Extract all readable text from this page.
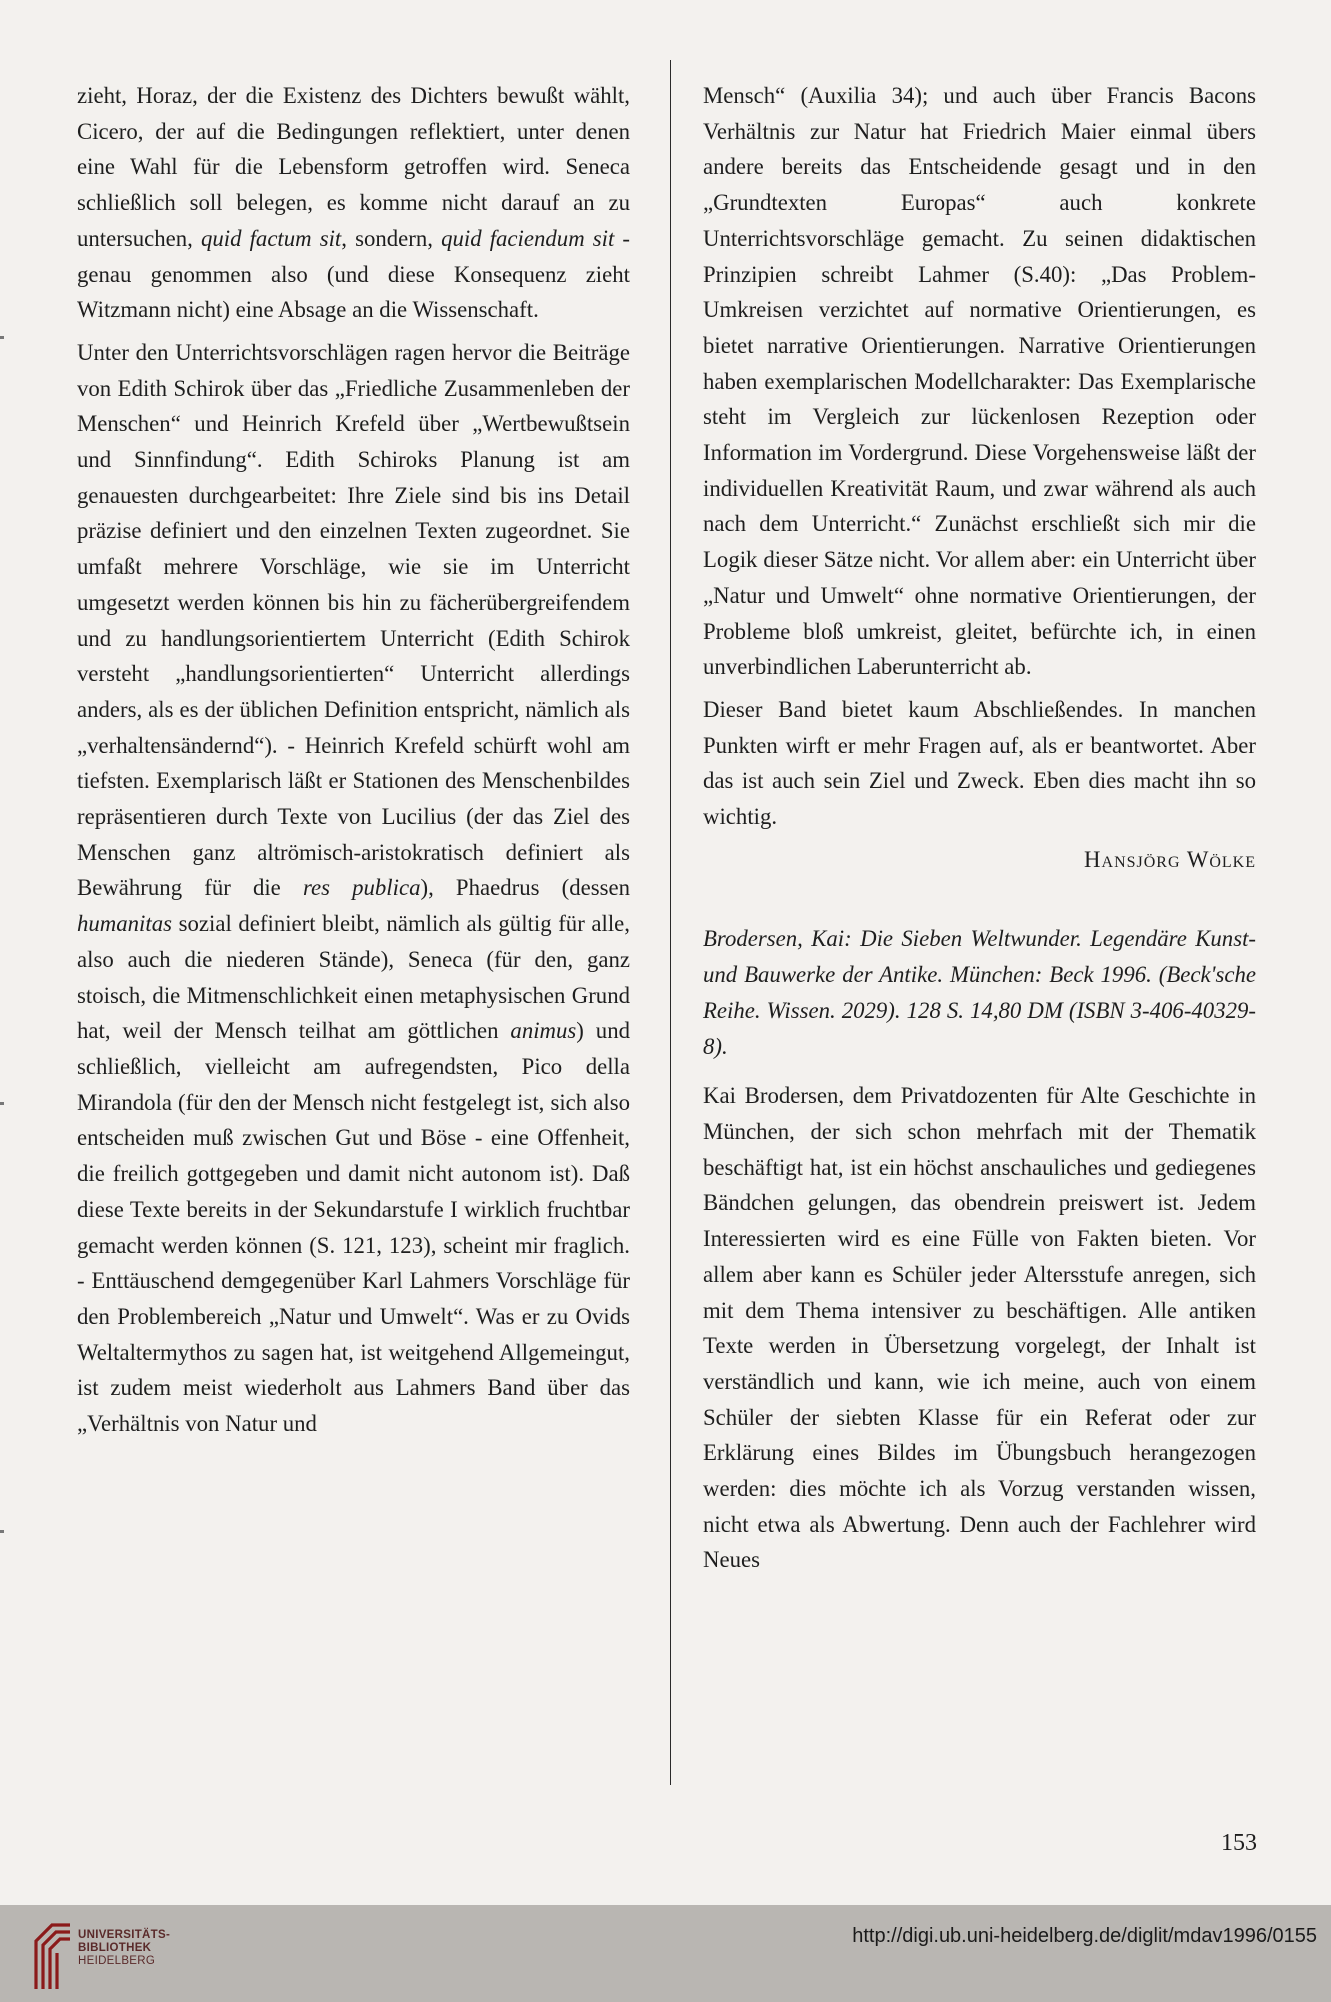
zieht, Horaz, der die Existenz des Dichters bewußt wählt, Cicero, der auf die Bedingungen reflektiert, unter denen eine Wahl für die Lebensform getroffen wird. Seneca schließlich soll belegen, es komme nicht darauf an zu untersuchen, quid factum sit, sondern, quid faciendum sit - genau genommen also (und diese Konsequenz zieht Witzmann nicht) eine Absage an die Wissenschaft.

Unter den Unterrichtsvorschlägen ragen hervor die Beiträge von Edith Schirok über das „Friedliche Zusammenleben der Menschen“ und Heinrich Krefeld über „Wertbewußtsein und Sinnfindung“. Edith Schiroks Planung ist am genauesten durchgearbeitet: Ihre Ziele sind bis ins Detail präzise definiert und den einzelnen Texten zugeordnet. Sie umfaßt mehrere Vorschläge, wie sie im Unterricht umgesetzt werden können bis hin zu fächerübergreifendem und zu handlungsorientiertem Unterricht (Edith Schirok versteht „handlungsorientierten“ Unterricht allerdings anders, als es der üblichen Definition entspricht, nämlich als „verhaltensändernd“). - Heinrich Krefeld schürft wohl am tiefsten. Exemplarisch läßt er Stationen des Menschenbildes repräsentieren durch Texte von Lucilius (der das Ziel des Menschen ganz altrömisch-aristokratisch definiert als Bewährung für die res publica), Phaedrus (dessen humanitas sozial definiert bleibt, nämlich als gültig für alle, also auch die niederen Stände), Seneca (für den, ganz stoisch, die Mitmenschlichkeit einen metaphysischen Grund hat, weil der Mensch teilhat am göttlichen animus) und schließlich, vielleicht am aufregendsten, Pico della Mirandola (für den der Mensch nicht festgelegt ist, sich also entscheiden muß zwischen Gut und Böse - eine Offenheit, die freilich gottgegeben und damit nicht autonom ist). Daß diese Texte bereits in der Sekundarstufe I wirklich fruchtbar gemacht werden können (S. 121, 123), scheint mir fraglich. - Enttäuschend demgegenüber Karl Lahmers Vorschläge für den Problembereich „Natur und Umwelt“. Was er zu Ovids Weltaltermythos zu sagen hat, ist weitgehend Allgemeingut, ist zudem meist wiederholt aus Lahmers Band über das „Verhältnis von Natur und

Mensch“ (Auxilia 34); und auch über Francis Bacons Verhältnis zur Natur hat Friedrich Maier einmal übers andere bereits das Entscheidende gesagt und in den „Grundtexten Europas“ auch konkrete Unterrichtsvorschläge gemacht. Zu seinen didaktischen Prinzipien schreibt Lahmer (S.40): „Das Problem-Umkreisen verzichtet auf normative Orientierungen, es bietet narrative Orientierungen. Narrative Orientierungen haben exemplarischen Modellcharakter: Das Exemplarische steht im Vergleich zur lückenlosen Rezeption oder Information im Vordergrund. Diese Vorgehensweise läßt der individuellen Kreativität Raum, und zwar während als auch nach dem Unterricht.“ Zunächst erschließt sich mir die Logik dieser Sätze nicht. Vor allem aber: ein Unterricht über „Natur und Umwelt“ ohne normative Orientierungen, der Probleme bloß umkreist, gleitet, befürchte ich, in einen unverbindlichen Laberunterricht ab.

Dieser Band bietet kaum Abschließendes. In manchen Punkten wirft er mehr Fragen auf, als er beantwortet. Aber das ist auch sein Ziel und Zweck. Eben dies macht ihn so wichtig.

Hansjörg Wölke

Brodersen, Kai: Die Sieben Weltwunder. Legendäre Kunst- und Bauwerke der Antike. München: Beck 1996. (Beck'sche Reihe. Wissen. 2029). 128 S. 14,80 DM (ISBN 3-406-40329-8).

Kai Brodersen, dem Privatdozenten für Alte Geschichte in München, der sich schon mehrfach mit der Thematik beschäftigt hat, ist ein höchst anschauliches und gediegenes Bändchen gelungen, das obendrein preiswert ist. Jedem Interessierten wird es eine Fülle von Fakten bieten. Vor allem aber kann es Schüler jeder Altersstufe anregen, sich mit dem Thema intensiver zu beschäftigen. Alle antiken Texte werden in Übersetzung vorgelegt, der Inhalt ist verständlich und kann, wie ich meine, auch von einem Schüler der siebten Klasse für ein Referat oder zur Erklärung eines Bildes im Übungsbuch herangezogen werden: dies möchte ich als Vorzug verstanden wissen, nicht etwa als Abwertung. Denn auch der Fachlehrer wird Neues

153
UNIVERSITÄTS-
BIBLIOTHEK
HEIDELBERG
http://digi.ub.uni-heidelberg.de/diglit/mdav1996/0155
